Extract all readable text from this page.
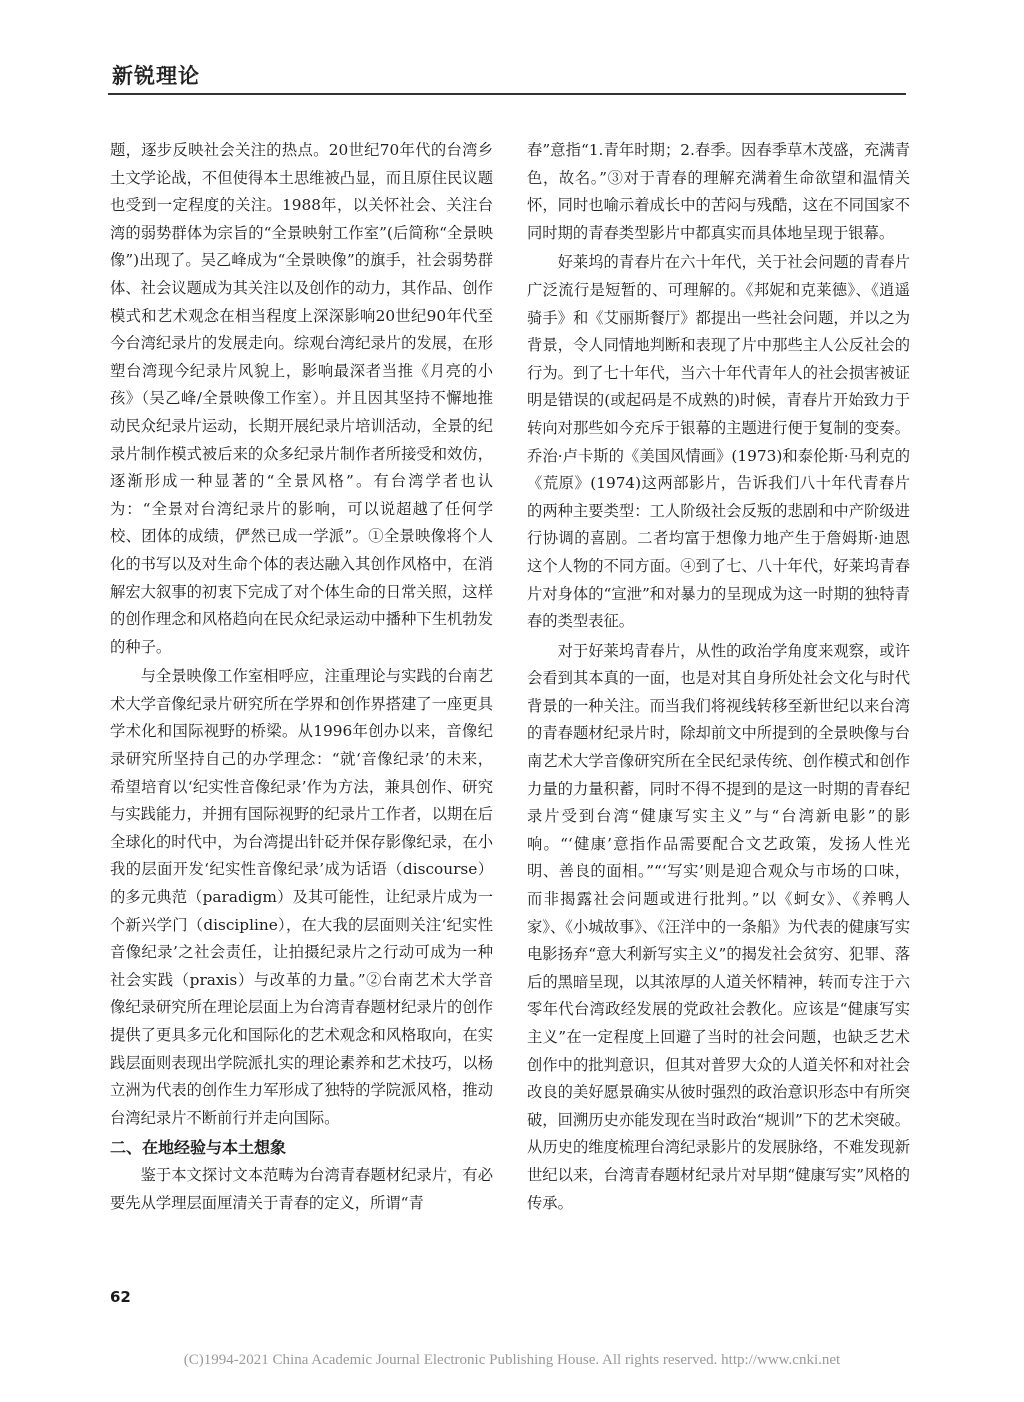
新锐理论

题，逐步反映社会关注的热点。20世纪70年代的台湾乡土文学论战，不但使得本土思维被凸显，而且原住民议题也受到一定程度的关注。1988年，以关怀社会、关注台湾的弱势群体为宗旨的“全景映射工作室”(后简称“全景映像”)出现了。吴乙峰成为“全景映像”的旗手，社会弱势群体、社会议题成为其关注以及创作的动力，其作品、创作模式和艺术观念在相当程度上深深影响20世纪90年代至今台湾纪录片的发展走向。综观台湾纪录片的发展，在形塑台湾现今纪录片风貌上，影响最深者当推《月亮的小孩》（吴乙峰/全景映像工作室）。并且因其坚持不懈地推动民众纪录片运动，长期开展纪录片培训活动，全景的纪录片制作模式被后来的众多纪录片制作者所接受和效仿，逐渐形成一种显著的“全景风格”。有台湾学者也认为：“全景对台湾纪录片的影响，可以说超越了任何学校、团体的成绩，俨然已成一学派”。①全景映像将个人化的书写以及对生命个体的表达融入其创作风格中，在消解宏大叙事的初衷下完成了对个体生命的日常关照，这样的创作理念和风格趋向在民众纪录运动中播种下生机勃发的种子。

与全景映像工作室相呼应，注重理论与实践的台南艺术大学音像纪录片研究所在学界和创作界搭建了一座更具学术化和国际视野的桥梁。从1996年创办以来，音像纪录研究所坚持自己的办学理念：“就‘音像纪录’的未来，希望培育以‘纪实性音像纪录’作为方法，兼具创作、研究与实践能力，并拥有国际视野的纪录片工作者，以期在后全球化的时代中，为台湾提出针砭并保存影像纪录，在小我的层面开发‘纪实性音像纪录’成为话语（discourse）的多元典范（paradigm）及其可能性，让纪录片成为一个新兴学门（discipline），在大我的层面则关注‘纪实性音像纪录’之社会责任，让拍摄纪录片之行动可成为一种社会实践（praxis）与改革的力量。”②台南艺术大学音像纪录研究所在理论层面上为台湾青春题材纪录片的创作提供了更具多元化和国际化的艺术观念和风格取向，在实践层面则表现出学院派扎实的理论素养和艺术技巧，以杨立洲为代表的创作生力军形成了独特的学院派风格，推动台湾纪录片不断前行并走向国际。

二、在地经验与本土想象

鉴于本文探讨文本范畴为台湾青春题材纪录片，有必要先从学理层面厘清关于青春的定义，所谓“青

春”意指“1.青年时期；2.春季。因春季草木茂盛，充满青色，故名。”③对于青春的理解充满着生命欲望和温情关怀，同时也喻示着成长中的苦闷与残酷，这在不同国家不同时期的青春类型影片中都真实而具体地呈现于银幕。

好莱坞的青春片在六十年代，关于社会问题的青春片广泛流行是短暂的、可理解的。《邦妮和克莱德》、《逍遥骑手》和《艾丽斯餐厅》都提出一些社会问题，并以之为背景，令人同情地判断和表现了片中那些主人公反社会的行为。到了七十年代，当六十年代青年人的社会损害被证明是错误的(或起码是不成熟的)时候，青春片开始致力于转向对那些如今充斥于银幕的主题进行便于复制的变奏。乔治·卢卡斯的《美国风情画》(1973)和泰伦斯·马利克的《荒原》(1974)这两部影片，告诉我们八十年代青春片的两种主要类型：工人阶级社会反叛的悲剧和中产阶级进行协调的喜剧。二者均富于想像力地产生于詹姆斯·迪恩这个人物的不同方面。④到了七、八十年代，好莱坞青春片对身体的“宣泄”和对暴力的呈现成为这一时期的独特青春的类型表征。

对于好莱坞青春片，从性的政治学角度来观察，或许会看到其本真的一面，也是对其自身所处社会文化与时代背景的一种关注。而当我们将视线转移至新世纪以来台湾的青春题材纪录片时，除却前文中所提到的全景映像与台南艺术大学音像研究所在全民纪录传统、创作模式和创作力量的力量积蓄，同时不得不提到的是这一时期的青春纪录片受到台湾“健康写实主义”与“台湾新电影”的影响。“‘健康’意指作品需要配合文艺政策，发扬人性光明、善良的面相。”“‘写实’则是迎合观众与市场的口味，而非揭露社会问题或进行批判。”以《蚵女》、《养鸭人家》、《小城故事》、《汪洋中的一条船》为代表的健康写实电影扬弃“意大利新写实主义”的揭发社会贫穷、犯罪、落后的黑暗呈现，以其浓厚的人道关怀精神，转而专注于六零年代台湾政经发展的党政社会教化。应该是“健康写实主义”在一定程度上回避了当时的社会问题，也缺乏艺术创作中的批判意识，但其对普罗大众的人道关怀和对社会改良的美好愿景确实从彼时强烈的政治意识形态中有所突破，回溯历史亦能发现在当时政治“规训”下的艺术突破。从历史的维度梳理台湾纪录影片的发展脉络，不难发现新世纪以来，台湾青春题材纪录片对早期“健康写实”风格的传承。

62
(C)1994-2021 China Academic Journal Electronic Publishing House. All rights reserved. http://www.cnki.net
